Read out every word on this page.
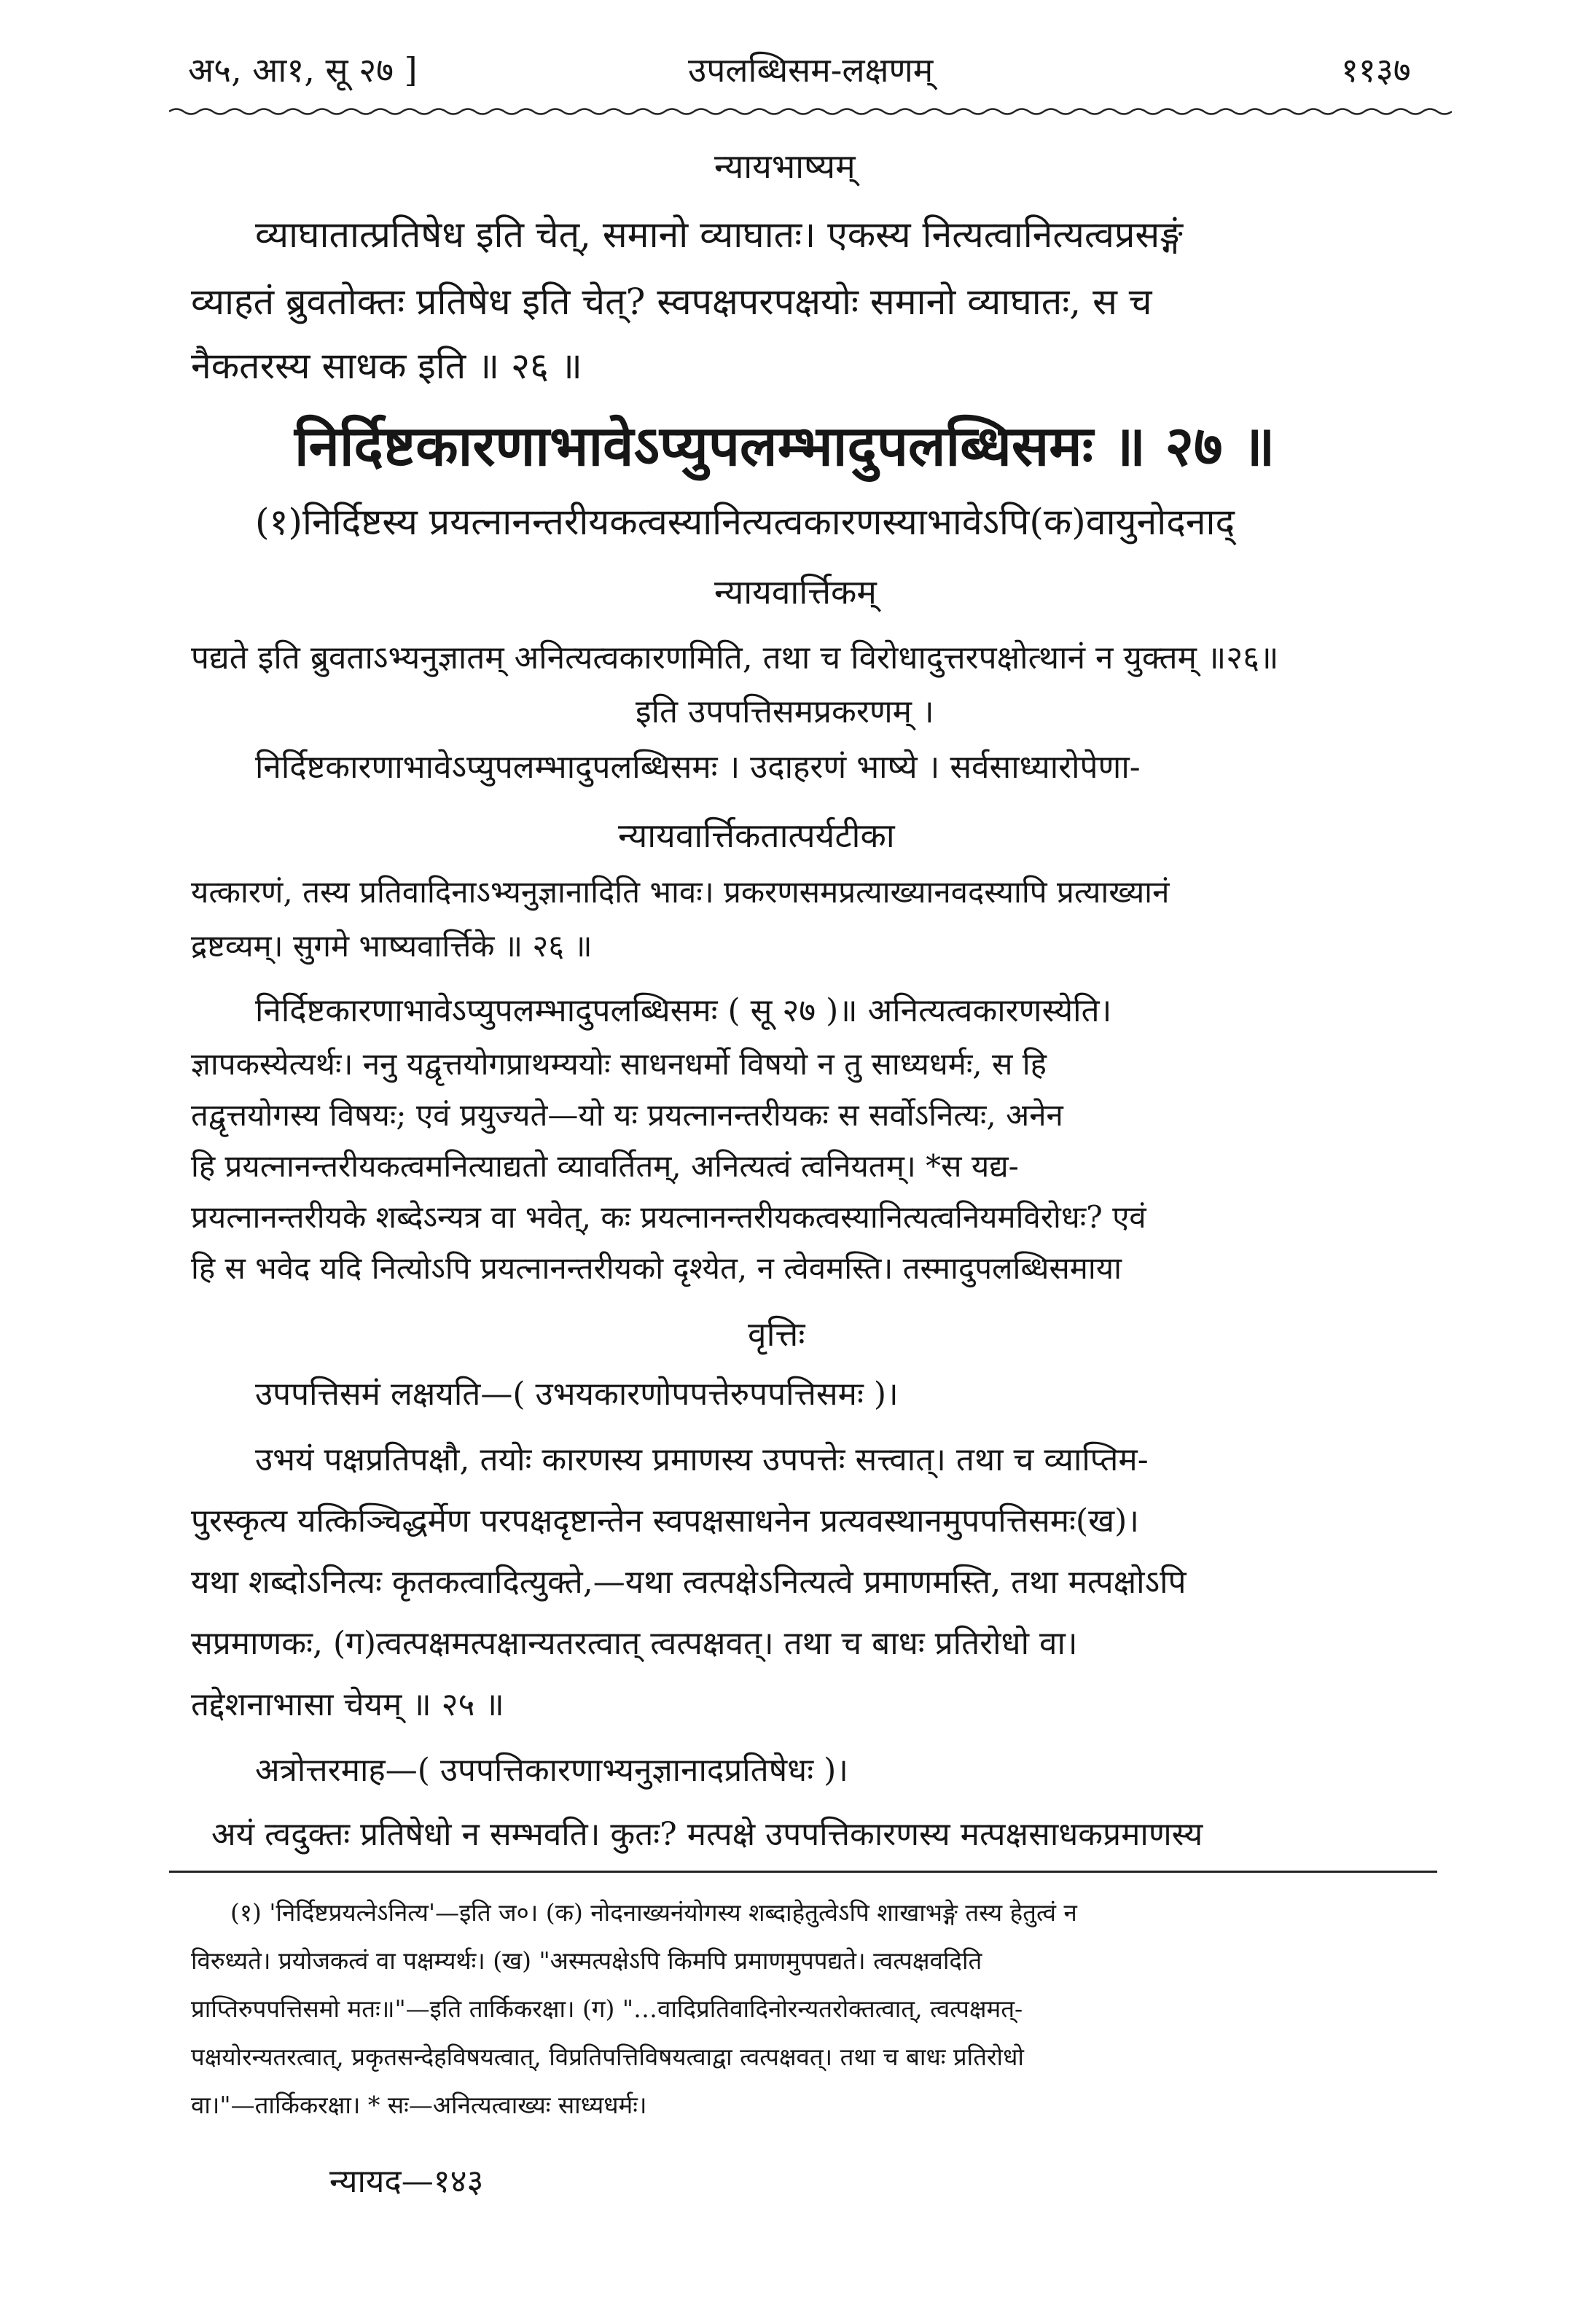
अ५, आ१, सू २७ ]	उपलब्धिसम-लक्षणम्	११३७
न्यायभाष्यम्
व्याघातात्प्रतिषेध इति चेत्, समानो व्याघातः। एकस्य नित्यत्वानित्यत्वप्रसङ्गं
व्याहतं ब्रुवतोक्तः प्रतिषेध इति चेत्? स्वपक्षपरपक्षयोः समानो व्याघातः, स च
नैकतरस्य साधक इति ॥ २६ ॥
निर्दिष्टकारणाभावेऽप्युपलम्भादुपलब्धिसमः ॥ २७ ॥
(१)निर्दिष्टस्य प्रयत्नानन्तरीयकत्वस्यानित्यत्वकारणस्याभावेऽपि(क)वायुनोदनाद्
न्यायवार्त्तिकम्
पद्यते इति ब्रुवताऽभ्यनुज्ञातम् अनित्यत्वकारणमिति, तथा च विरोधादुत्तरपक्षोत्थानं न युक्तम् ॥२६॥
इति उपपत्तिसमप्रकरणम् ।
निर्दिष्टकारणाभावेऽप्युपलम्भादुपलब्धिसमः । उदाहरणं भाष्ये । सर्वसाध्यारोपेणा-
न्यायवार्त्तिकतात्पर्यटीका
यत्कारणं, तस्य प्रतिवादिनाऽभ्यनुज्ञानादिति भावः। प्रकरणसमप्रत्याख्यानवदस्यापि प्रत्याख्यानं
द्रष्टव्यम्। सुगमे भाष्यवार्त्तिके ॥ २६ ॥
निर्दिष्टकारणाभावेऽप्युपलम्भादुपलब्धिसमः ( सू २७ )॥ अनित्यत्वकारणस्येति।
ज्ञापकस्येत्यर्थः। ननु यद्वृत्तयोगप्राथम्ययोः साधनधर्मो विषयो न तु साध्यधर्मः, स हि
तद्वृत्तयोगस्य विषयः; एवं प्रयुज्यते—यो यः प्रयत्नानन्तरीयकः स सर्वोऽनित्यः, अनेन
हि प्रयत्नानन्तरीयकत्वमनित्याद्यतो व्यावर्तितम्, अनित्यत्वं त्वनियतम्। *स यद्य-
प्रयत्नानन्तरीयके शब्देऽन्यत्र वा भवेत्, कः प्रयत्नानन्तरीयकत्वस्यानित्यत्वनियमविरोधः? एवं
हि स भवेद यदि नित्योऽपि प्रयत्नानन्तरीयको दृश्येत, न त्वेवमस्ति। तस्मादुपलब्धिसमाया
वृत्तिः
उपपत्तिसमं लक्षयति—( उभयकारणोपपत्तेरुपपत्तिसमः )।
उभयं पक्षप्रतिपक्षौ, तयोः कारणस्य प्रमाणस्य उपपत्तेः सत्त्वात्। तथा च व्याप्तिम-
पुरस्कृत्य यत्किञ्चिद्धर्मेण परपक्षदृष्टान्तेन स्वपक्षसाधनेन प्रत्यवस्थानमुपपत्तिसमः(ख)।
यथा शब्दोऽनित्यः कृतकत्वादित्युक्ते,—यथा त्वत्पक्षेऽनित्यत्वे प्रमाणमस्ति, तथा मत्पक्षोऽपि
सप्रमाणकः, (ग)त्वत्पक्षमत्पक्षान्यतरत्वात् त्वत्पक्षवत्। तथा च बाधः प्रतिरोधो वा।
तद्देशनाभासा चेयम् ॥ २५ ॥
अत्रोत्तरमाह—( उपपत्तिकारणाभ्यनुज्ञानादप्रतिषेधः )।
अयं त्वदुक्तः प्रतिषेधो न सम्भवति। कुतः? मत्पक्षे उपपत्तिकारणस्य मत्पक्षसाधकप्रमाणस्य
(१) 'निर्दिष्टप्रयत्नेऽनित्य'—इति ज०। (क) नोदनाख्यनंयोगस्य शब्दाहेतुत्वेऽपि शाखाभङ्गे तस्य हेतुत्वं न
विरुध्यते। प्रयोजकत्वं वा पक्षम्यर्थः। (ख) "अस्मत्पक्षेऽपि किमपि प्रमाणमुपपद्यते। त्वत्पक्षवदिति
प्राप्तिरुपपत्तिसमो मतः॥"—इति तार्किकरक्षा। (ग) "…वादिप्रतिवादिनोरन्यतरोक्तत्वात्, त्वत्पक्षमत्-
पक्षयोरन्यतरत्वात्, प्रकृतसन्देहविषयत्वात्, विप्रतिपत्तिविषयत्वाद्वा त्वत्पक्षवत्। तथा च बाधः प्रतिरोधो
वा।"—तार्किकरक्षा। * सः—अनित्यत्वाख्यः साध्यधर्मः।
न्यायद—१४३
